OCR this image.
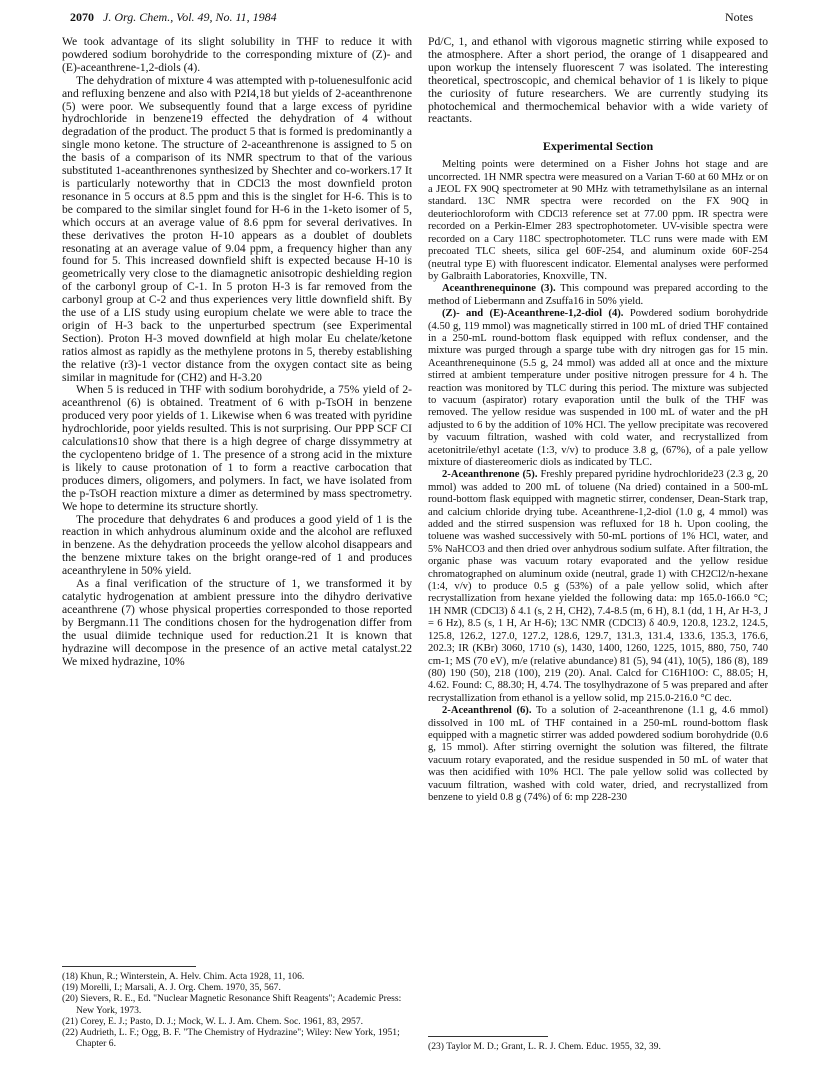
2070 J. Org. Chem., Vol. 49, No. 11, 1984	Notes

We took advantage of its slight solubility in THF to reduce it with powdered sodium borohydride to the corresponding mixture of (Z)- and (E)-aceanthrene-1,2-diols (4).

The dehydration of mixture 4 was attempted with p-toluenesulfonic acid and refluxing benzene and also with P2I4,18 but yields of 2-aceanthrenone (5) were poor. We subsequently found that a large excess of pyridine hydrochloride in benzene19 effected the dehydration of 4 without degradation of the product. The product 5 that is formed is predominantly a single mono ketone. The structure of 2-aceanthrenone is assigned to 5 on the basis of a comparison of its NMR spectrum to that of the various substituted 1-aceanthrenones synthesized by Shechter and co-workers.17 It is particularly noteworthy that in CDCl3 the most downfield proton resonance in 5 occurs at 8.5 ppm and this is the singlet for H-6. This is to be compared to the similar singlet found for H-6 in the 1-keto isomer of 5, which occurs at an average value of 8.6 ppm for several derivatives. In these derivatives the proton H-10 appears as a doublet of doublets resonating at an average value of 9.04 ppm, a frequency higher than any found for 5. This increased downfield shift is expected because H-10 is geometrically very close to the diamagnetic anisotropic deshielding region of the carbonyl group of C-1. In 5 proton H-3 is far removed from the carbonyl group at C-2 and thus experiences very little downfield shift. By the use of a LIS study using europium chelate we were able to trace the origin of H-3 back to the unperturbed spectrum (see Experimental Section). Proton H-3 moved downfield at high molar Eu chelate/ketone ratios almost as rapidly as the methylene protons in 5, thereby establishing the relative (r3)-1 vector distance from the oxygen contact site as being similar in magnitude for (CH2) and H-3.20

When 5 is reduced in THF with sodium borohydride, a 75% yield of 2-aceanthrenol (6) is obtained. Treatment of 6 with p-TsOH in benzene produced very poor yields of 1. Likewise when 6 was treated with pyridine hydrochloride, poor yields resulted. This is not surprising. Our PPP SCF CI calculations10 show that there is a high degree of charge dissymmetry at the cyclopenteno bridge of 1. The presence of a strong acid in the mixture is likely to cause protonation of 1 to form a reactive carbocation that produces dimers, oligomers, and polymers. In fact, we have isolated from the p-TsOH reaction mixture a dimer as determined by mass spectrometry. We hope to determine its structure shortly.

The procedure that dehydrates 6 and produces a good yield of 1 is the reaction in which anhydrous aluminum oxide and the alcohol are refluxed in benzene. As the dehydration proceeds the yellow alcohol disappears and the benzene mixture takes on the bright orange-red of 1 and produces aceanthrylene in 50% yield.

As a final verification of the structure of 1, we transformed it by catalytic hydrogenation at ambient pressure into the dihydro derivative aceanthrene (7) whose physical properties corresponded to those reported by Bergmann.11 The conditions chosen for the hydrogenation differ from the usual diimide technique used for reduction.21 It is known that hydrazine will decompose in the presence of an active metal catalyst.22 We mixed hydrazine, 10%

Pd/C, 1, and ethanol with vigorous magnetic stirring while exposed to the atmosphere. After a short period, the orange of 1 disappeared and upon workup the intensely fluorescent 7 was isolated. The interesting theoretical, spectroscopic, and chemical behavior of 1 is likely to pique the curiosity of future researchers. We are currently studying its photochemical and thermochemical behavior with a wide variety of reactants.

Experimental Section

Melting points were determined on a Fisher Johns hot stage and are uncorrected. 1H NMR spectra were measured on a Varian T-60 at 60 MHz or on a JEOL FX 90Q spectrometer at 90 MHz with tetramethylsilane as an internal standard. 13C NMR spectra were recorded on the FX 90Q in deuteriochloroform with CDCl3 reference set at 77.00 ppm. IR spectra were recorded on a Perkin-Elmer 283 spectrophotometer. UV-visible spectra were recorded on a Cary 118C spectrophotometer. TLC runs were made with EM precoated TLC sheets, silica gel 60F-254, and aluminum oxide 60F-254 (neutral type E) with fluorescent indicator. Elemental analyses were performed by Galbraith Laboratories, Knoxville, TN.

Aceanthrenequinone (3). This compound was prepared according to the method of Liebermann and Zsuffa16 in 50% yield.

(Z)- and (E)-Aceanthrene-1,2-diol (4). Powdered sodium borohydride (4.50 g, 119 mmol) was magnetically stirred in 100 mL of dried THF contained in a 250-mL round-bottom flask equipped with reflux condenser, and the mixture was purged through a sparge tube with dry nitrogen gas for 15 min. Aceanthrenequinone (5.5 g, 24 mmol) was added all at once and the mixture stirred at ambient temperature under positive nitrogen pressure for 4 h. The reaction was monitored by TLC during this period. The mixture was subjected to vacuum (aspirator) rotary evaporation until the bulk of the THF was removed. The yellow residue was suspended in 100 mL of water and the pH adjusted to 6 by the addition of 10% HCl. The yellow precipitate was recovered by vacuum filtration, washed with cold water, and recrystallized from acetonitrile/ethyl acetate (1:3, v/v) to produce 3.8 g, (67%), of a pale yellow mixture of diastereomeric diols as indicated by TLC.

2-Aceanthrenone (5). Freshly prepared pyridine hydrochloride23 (2.3 g, 20 mmol) was added to 200 mL of toluene (Na dried) contained in a 500-mL round-bottom flask equipped with magnetic stirrer, condenser, Dean-Stark trap, and calcium chloride drying tube. Aceanthrene-1,2-diol (1.0 g, 4 mmol) was added and the stirred suspension was refluxed for 18 h. Upon cooling, the toluene was washed successively with 50-mL portions of 1% HCl, water, and 5% NaHCO3 and then dried over anhydrous sodium sulfate. After filtration, the organic phase was vacuum rotary evaporated and the yellow residue chromatographed on aluminum oxide (neutral, grade 1) with CH2Cl2/n-hexane (1:4, v/v) to produce 0.5 g (53%) of a pale yellow solid, which after recrystallization from hexane yielded the following data: mp 165.0-166.0 °C; 1H NMR (CDCl3) δ 4.1 (s, 2 H, CH2), 7.4-8.5 (m, 6 H), 8.1 (dd, 1 H, Ar H-3, J = 6 Hz), 8.5 (s, 1 H, Ar H-6); 13C NMR (CDCl3) δ 40.9, 120.8, 123.2, 124.5, 125.8, 126.2, 127.0, 127.2, 128.6, 129.7, 131.3, 131.4, 133.6, 135.3, 176.6, 202.3; IR (KBr) 3060, 1710 (s), 1430, 1400, 1260, 1225, 1015, 880, 750, 740 cm-1; MS (70 eV), m/e (relative abundance) 81 (5), 94 (41), 10(5), 186 (8), 189 (80) 190 (50), 218 (100), 219 (20). Anal. Calcd for C16H10O: C, 88.05; H, 4.62. Found: C, 88.30; H, 4.74. The tosylhydrazone of 5 was prepared and after recrystallization from ethanol is a yellow solid, mp 215.0-216.0 °C dec.

2-Aceanthrenol (6). To a solution of 2-aceanthrenone (1.1 g, 4.6 mmol) dissolved in 100 mL of THF contained in a 250-mL round-bottom flask equipped with a magnetic stirrer was added powdered sodium borohydride (0.6 g, 15 mmol). After stirring overnight the solution was filtered, the filtrate vacuum rotary evaporated, and the residue suspended in 50 mL of water that was then acidified with 10% HCl. The pale yellow solid was collected by vacuum filtration, washed with cold water, dried, and recrystallized from benzene to yield 0.8 g (74%) of 6: mp 228-230

(18) Khun, R.; Winterstein, A. Helv. Chim. Acta 1928, 11, 106.
(19) Morelli, I.; Marsali, A. J. Org. Chem. 1970, 35, 567.
(20) Sievers, R. E., Ed. "Nuclear Magnetic Resonance Shift Reagents"; Academic Press: New York, 1973.
(21) Corey, E. J.; Pasto, D. J.; Mock, W. L. J. Am. Chem. Soc. 1961, 83, 2957.
(22) Audrieth, L. F.; Ogg, B. F. "The Chemistry of Hydrazine"; Wiley: New York, 1951; Chapter 6.	(23) Taylor M. D.; Grant, L. R. J. Chem. Educ. 1955, 32, 39.
